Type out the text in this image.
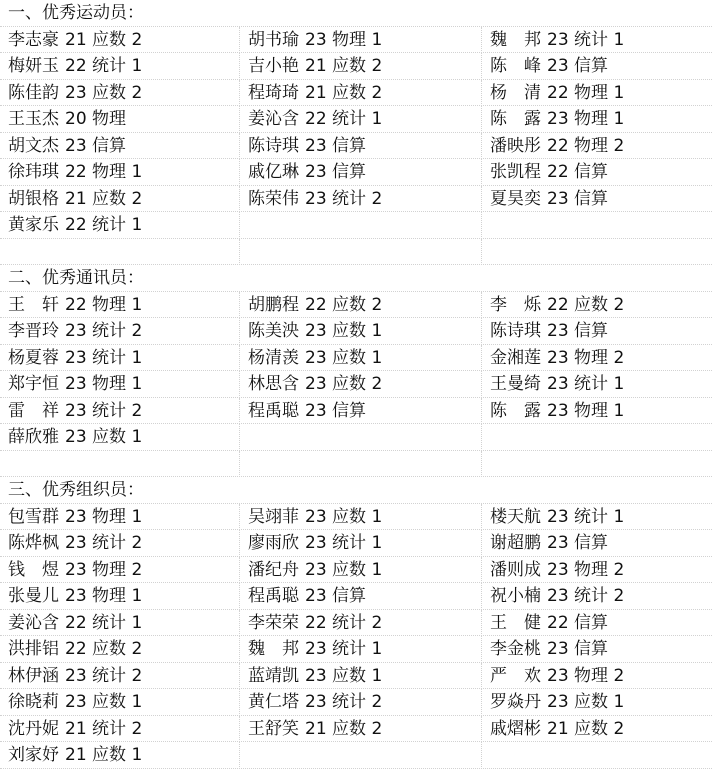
一、优秀运动员：
李志豪 21 应数 2	胡书瑜 23 物理 1	魏　邦 23 统计 1
梅妍玉 22 统计 1	吉小艳 21 应数 2	陈　峰 23 信算
陈佳韵 23 应数 2	程琦琦 21 应数 2	杨　清 22 物理 1
王玉杰 20 物理	姜沁含 22 统计 1	陈　露 23 物理 1
胡文杰 23 信算	陈诗琪 23 信算	潘映彤 22 物理 2
徐玮琪 22 物理 1	戚亿琳 23 信算	张凯程 22 信算
胡银格 21 应数 2	陈荣伟 23 统计 2	夏昊奕 23 信算
黄家乐 22 统计 1
二、优秀通讯员：
王　轩 22 物理 1	胡鹏程 22 应数 2	李　烁 22 应数 2
李晋玲 23 统计 2	陈美泱 23 应数 1	陈诗琪 23 信算
杨夏蓉 23 统计 1	杨清羡 23 应数 1	金湘莲 23 物理 2
郑宇恒 23 物理 1	林思含 23 应数 2	王曼绮 23 统计 1
雷　祥 23 统计 2	程禹聪 23 信算	陈　露 23 物理 1
薛欣雅 23 应数 1
三、优秀组织员：
包雪群 23 物理 1	吴翊菲 23 应数 1	楼天航 23 统计 1
陈烨枫 23 统计 2	廖雨欣 23 统计 1	谢超鹏 23 信算
钱　煜 23 物理 2	潘纪舟 23 应数 1	潘则成 23 物理 2
张曼儿 23 物理 1	程禹聪 23 信算	祝小楠 23 统计 2
姜沁含 22 统计 1	李荣荣 22 统计 2	王　健 22 信算
洪排铝 22 应数 2	魏　邦 23 统计 1	李金桃 23 信算
林伊涵 23 统计 2	蓝靖凯 23 应数 1	严　欢 23 物理 2
徐晓莉 23 应数 1	黄仁塔 23 统计 2	罗焱丹 23 应数 1
沈丹妮 21 统计 2	王舒笑 21 应数 2	戚熠彬 21 应数 2
刘家妤 21 应数 1
